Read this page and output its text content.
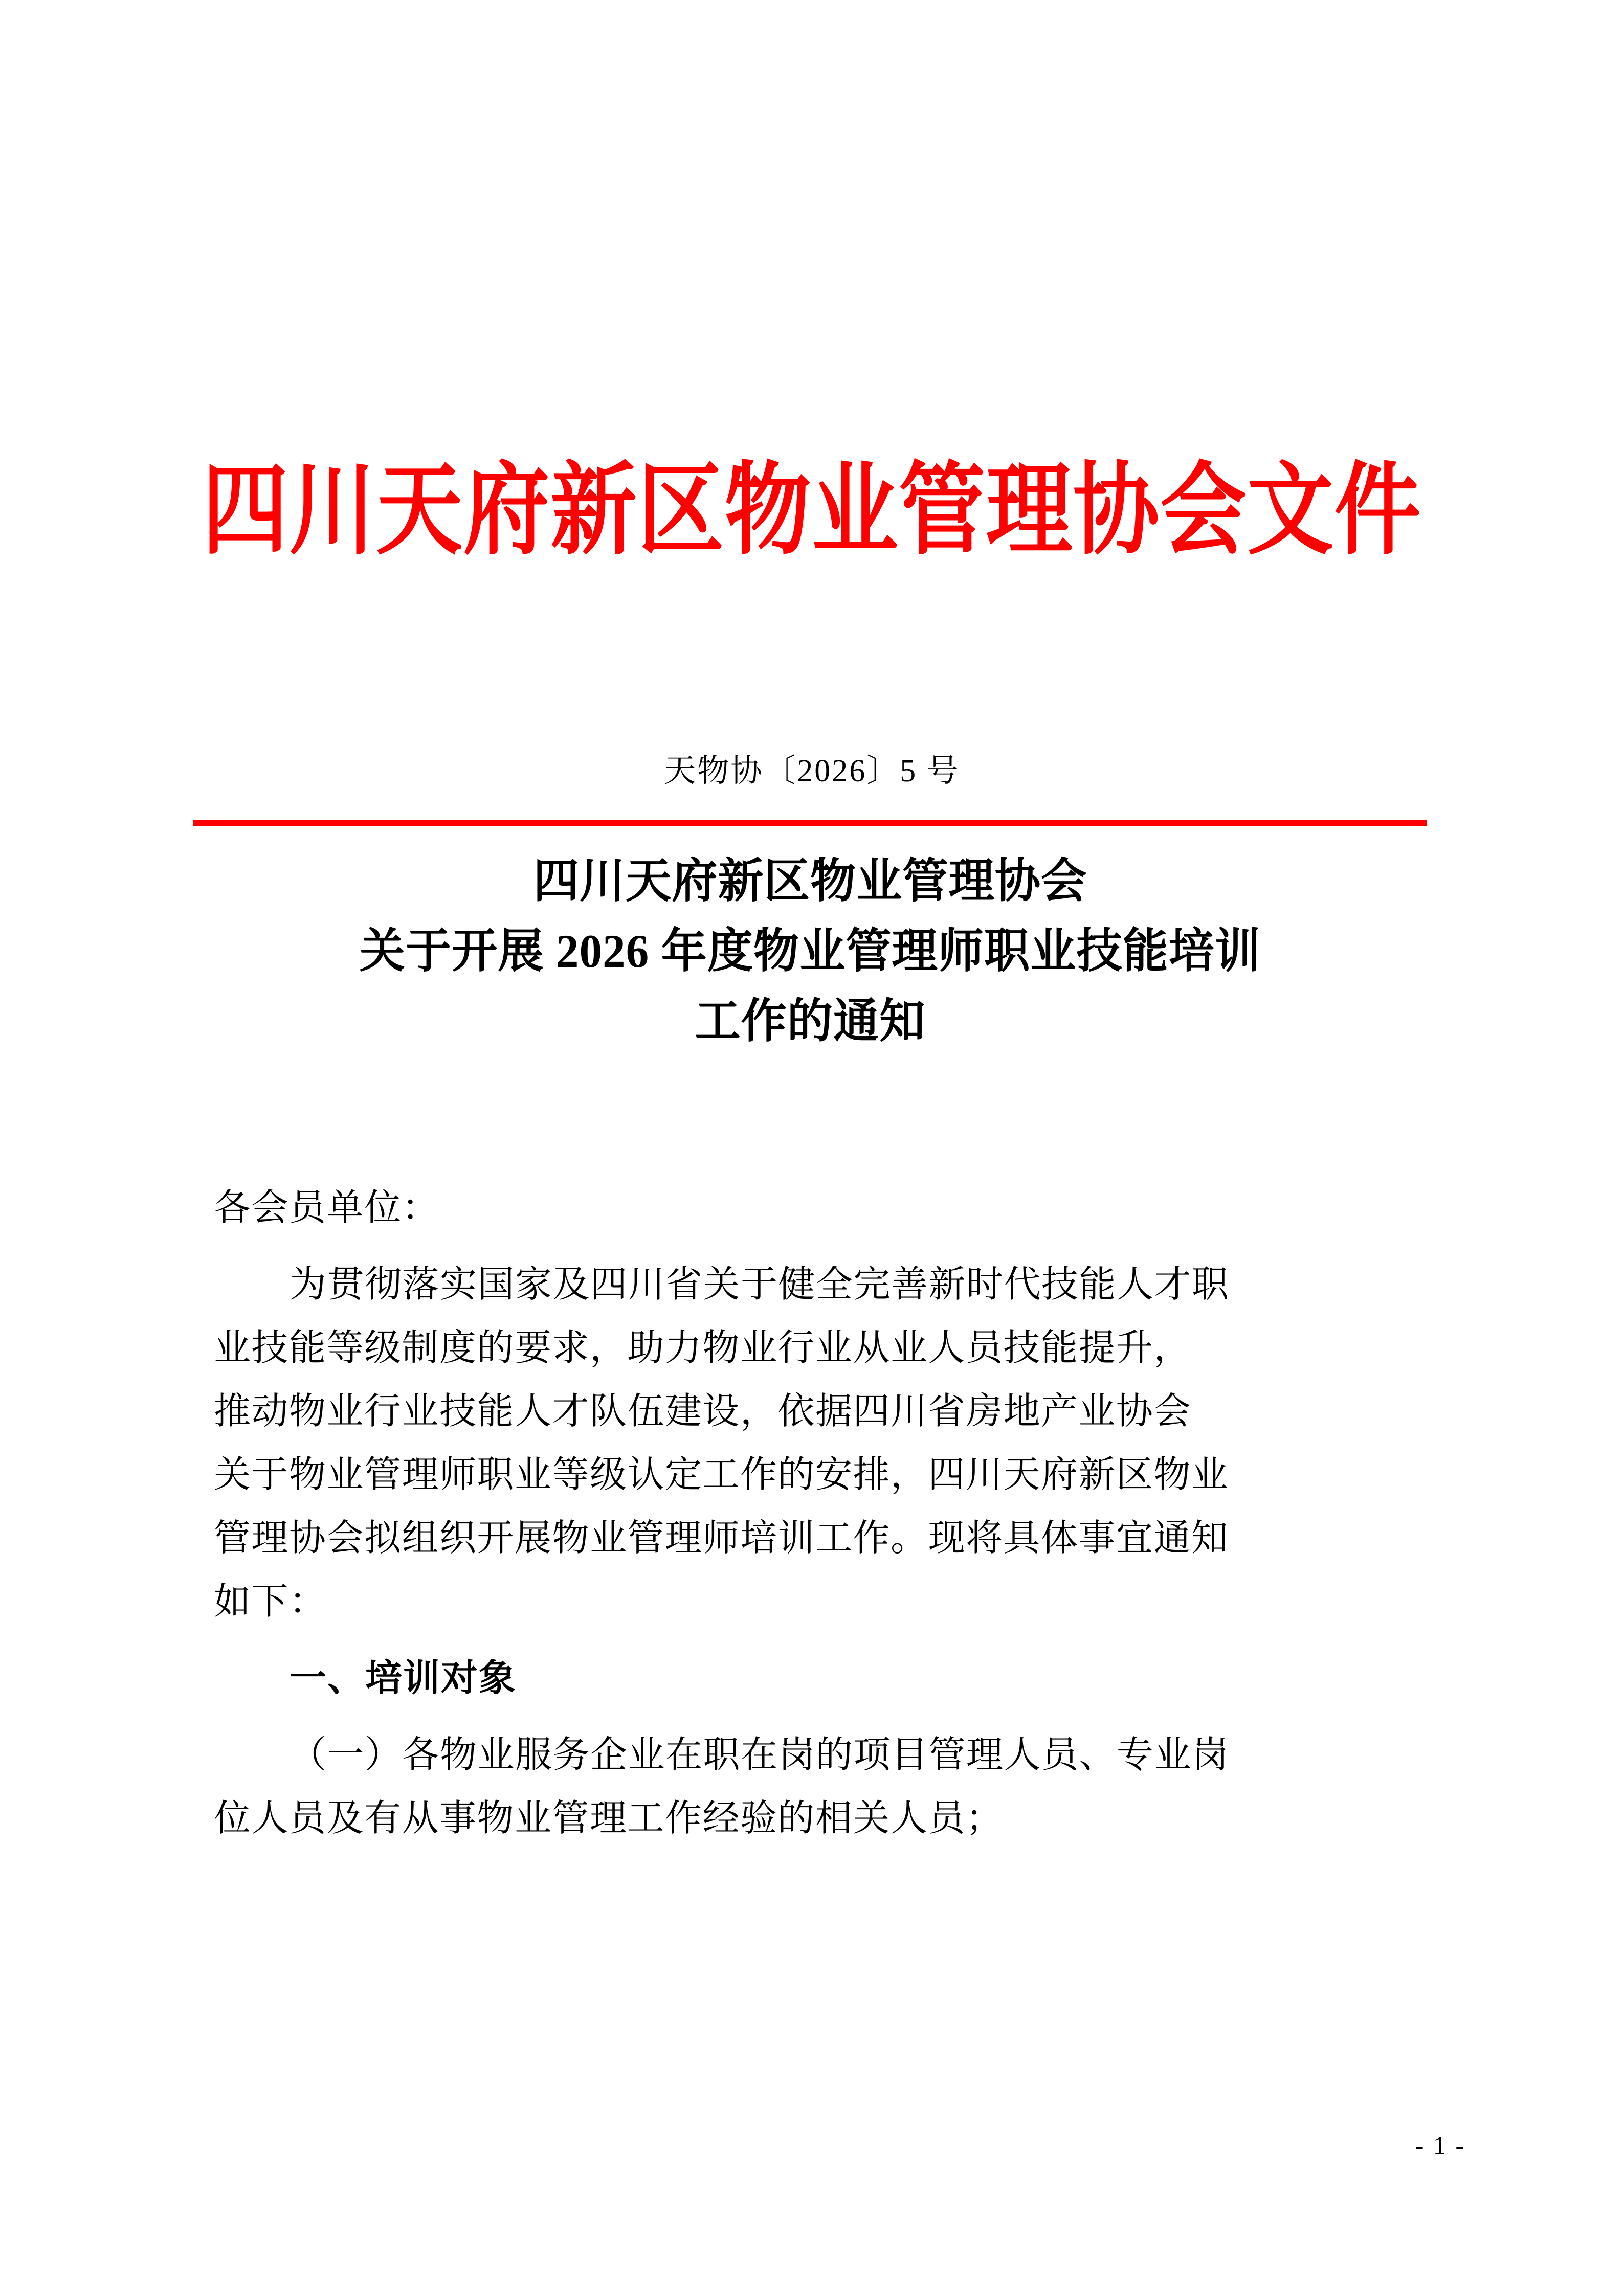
四川天府新区物业管理协会文件
天物协〔2026〕5 号
四川天府新区物业管理协会
关于开展 2026 年度物业管理师职业技能培训
工作的通知
各会员单位：
为贯彻落实国家及四川省关于健全完善新时代技能人才职
业技能等级制度的要求，助力物业行业从业人员技能提升，
推动物业行业技能人才队伍建设，依据四川省房地产业协会
关于物业管理师职业等级认定工作的安排，四川天府新区物业
管理协会拟组织开展物业管理师培训工作。现将具体事宜通知
如下：
一、培训对象
（一）各物业服务企业在职在岗的项目管理人员、专业岗
位人员及有从事物业管理工作经验的相关人员；
- 1 -
